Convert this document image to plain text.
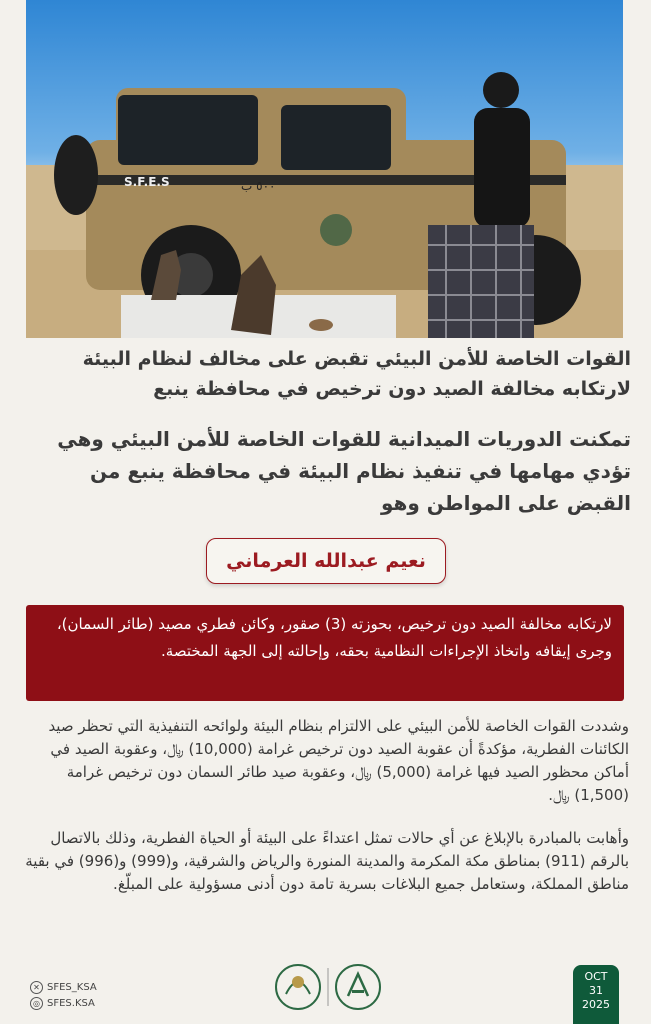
S.F.E.S	٥٠٠ ب
القوات الخاصة للأمن البيئي تقبض على مخالف لنظام البيئة لارتكابه مخالفة الصيد دون ترخيص في محافظة ينبع
تمكنت الدوريات الميدانية للقوات الخاصة للأمن البيئي وهي تؤدي مهامها في تنفيذ نظام البيئة في محافظة ينبع من القبض على المواطن وهو
نعيم عبدالله العرماني
لارتكابه مخالفة الصيد دون ترخيص، بحوزته (3) صقور، وكائن فطري مصيد (طائر السمان)، وجرى إيقافه واتخاذ الإجراءات النظامية بحقه، وإحالته إلى الجهة المختصة.
وشددت القوات الخاصة للأمن البيئي على الالتزام بنظام البيئة ولوائحه التنفيذية التي تحظر صيد الكائنات الفطرية، مؤكدةً أن عقوبة الصيد دون ترخيص غرامة (10,000) ﷼، وعقوبة الصيد في أماكن محظور الصيد فيها غرامة (5,000) ﷼، وعقوبة صيد طائر السمان دون ترخيص غرامة (1,500) ﷼.
وأهابت بالمبادرة بالإبلاغ عن أي حالات تمثل اعتداءً على البيئة أو الحياة الفطرية، وذلك بالاتصال بالرقم (911) بمناطق مكة المكرمة والمدينة المنورة والرياض والشرقية، و(999) و(996) في بقية مناطق المملكة، وستعامل جميع البلاغات بسرية تامة دون أدنى مسؤولية على المبلّغ.
✕ SFES_KSA
◎ SFES.KSA
OCT
31
2025
